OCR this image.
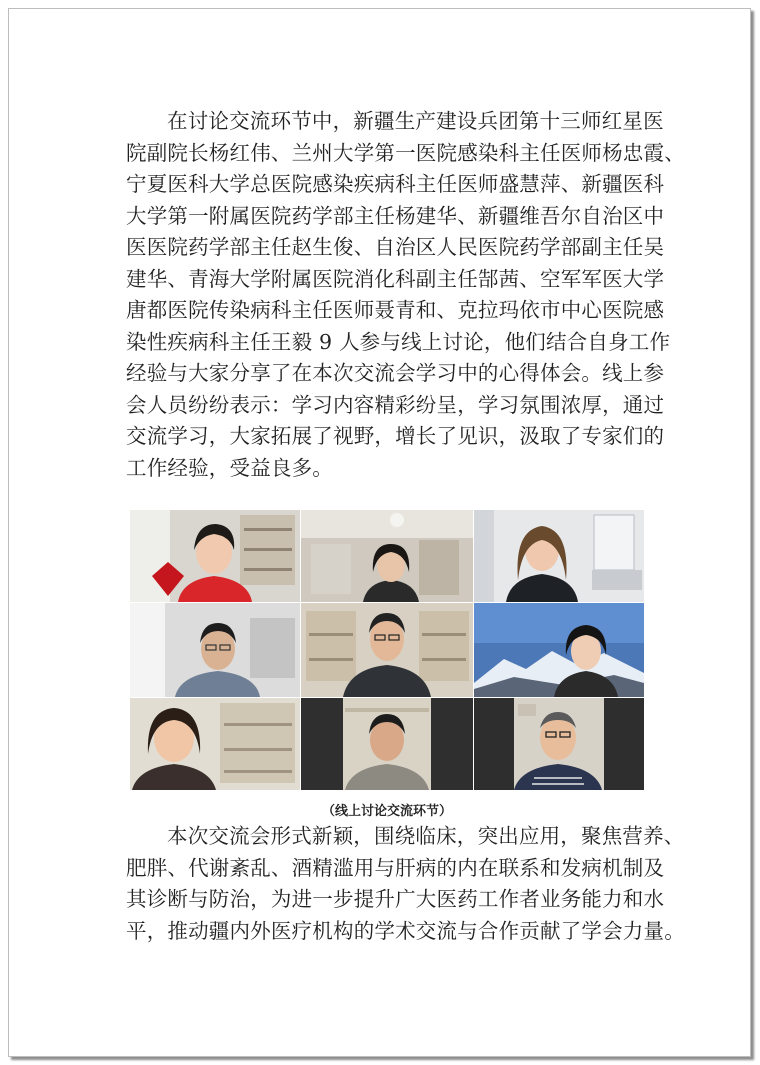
在讨论交流环节中，新疆生产建设兵团第十三师红星医
院副院长杨红伟、兰州大学第一医院感染科主任医师杨忠霞、
宁夏医科大学总医院感染疾病科主任医师盛慧萍、新疆医科
大学第一附属医院药学部主任杨建华、新疆维吾尔自治区中
医医院药学部主任赵生俊、自治区人民医院药学部副主任吴
建华、青海大学附属医院消化科副主任郜茜、空军军医大学
唐都医院传染病科主任医师聂青和、克拉玛依市中心医院感
染性疾病科主任王毅 9 人参与线上讨论，他们结合自身工作
经验与大家分享了在本次交流会学习中的心得体会。线上参
会人员纷纷表示：学习内容精彩纷呈，学习氛围浓厚，通过
交流学习，大家拓展了视野，增长了见识，汲取了专家们的
工作经验，受益良多。

（线上讨论交流环节）

本次交流会形式新颖，围绕临床，突出应用，聚焦营养、
肥胖、代谢紊乱、酒精滥用与肝病的内在联系和发病机制及
其诊断与防治，为进一步提升广大医药工作者业务能力和水
平，推动疆内外医疗机构的学术交流与合作贡献了学会力量。
